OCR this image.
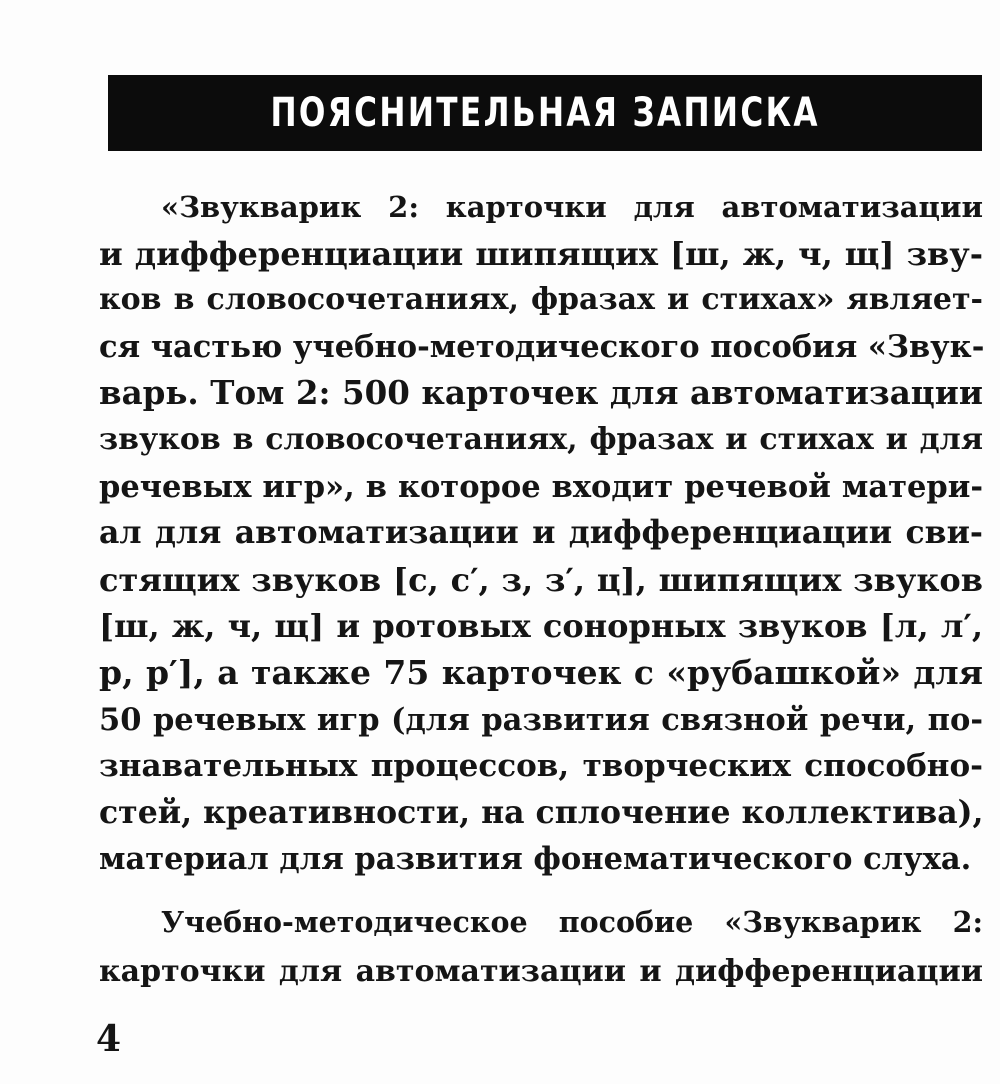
ПОЯСНИТЕЛЬНАЯ ЗАПИСКА
«Звукварик 2: карточки для автоматизации
и дифференциации шипящих [ш, ж, ч, щ] зву-
ков в словосочетаниях, фразах и стихах» являет-
ся частью учебно-методического пособия «Звук-
варь. Том 2: 500 карточек для автоматизации
звуков в словосочетаниях, фразах и стихах и для
речевых игр», в которое входит речевой матери-
ал для автоматизации и дифференциации сви-
стящих звуков [с, с′, з, з′, ц], шипящих звуков
[ш, ж, ч, щ] и ротовых сонорных звуков [л, л′,
р, р′], а также 75 карточек с «рубашкой» для
50 речевых игр (для развития связной речи, по-
знавательных процессов, творческих способно-
стей, креативности, на сплочение коллектива),
материал для развития фонематического слуха.
Учебно-методическое пособие «Звукварик 2:
карточки для автоматизации и дифференциации
4
